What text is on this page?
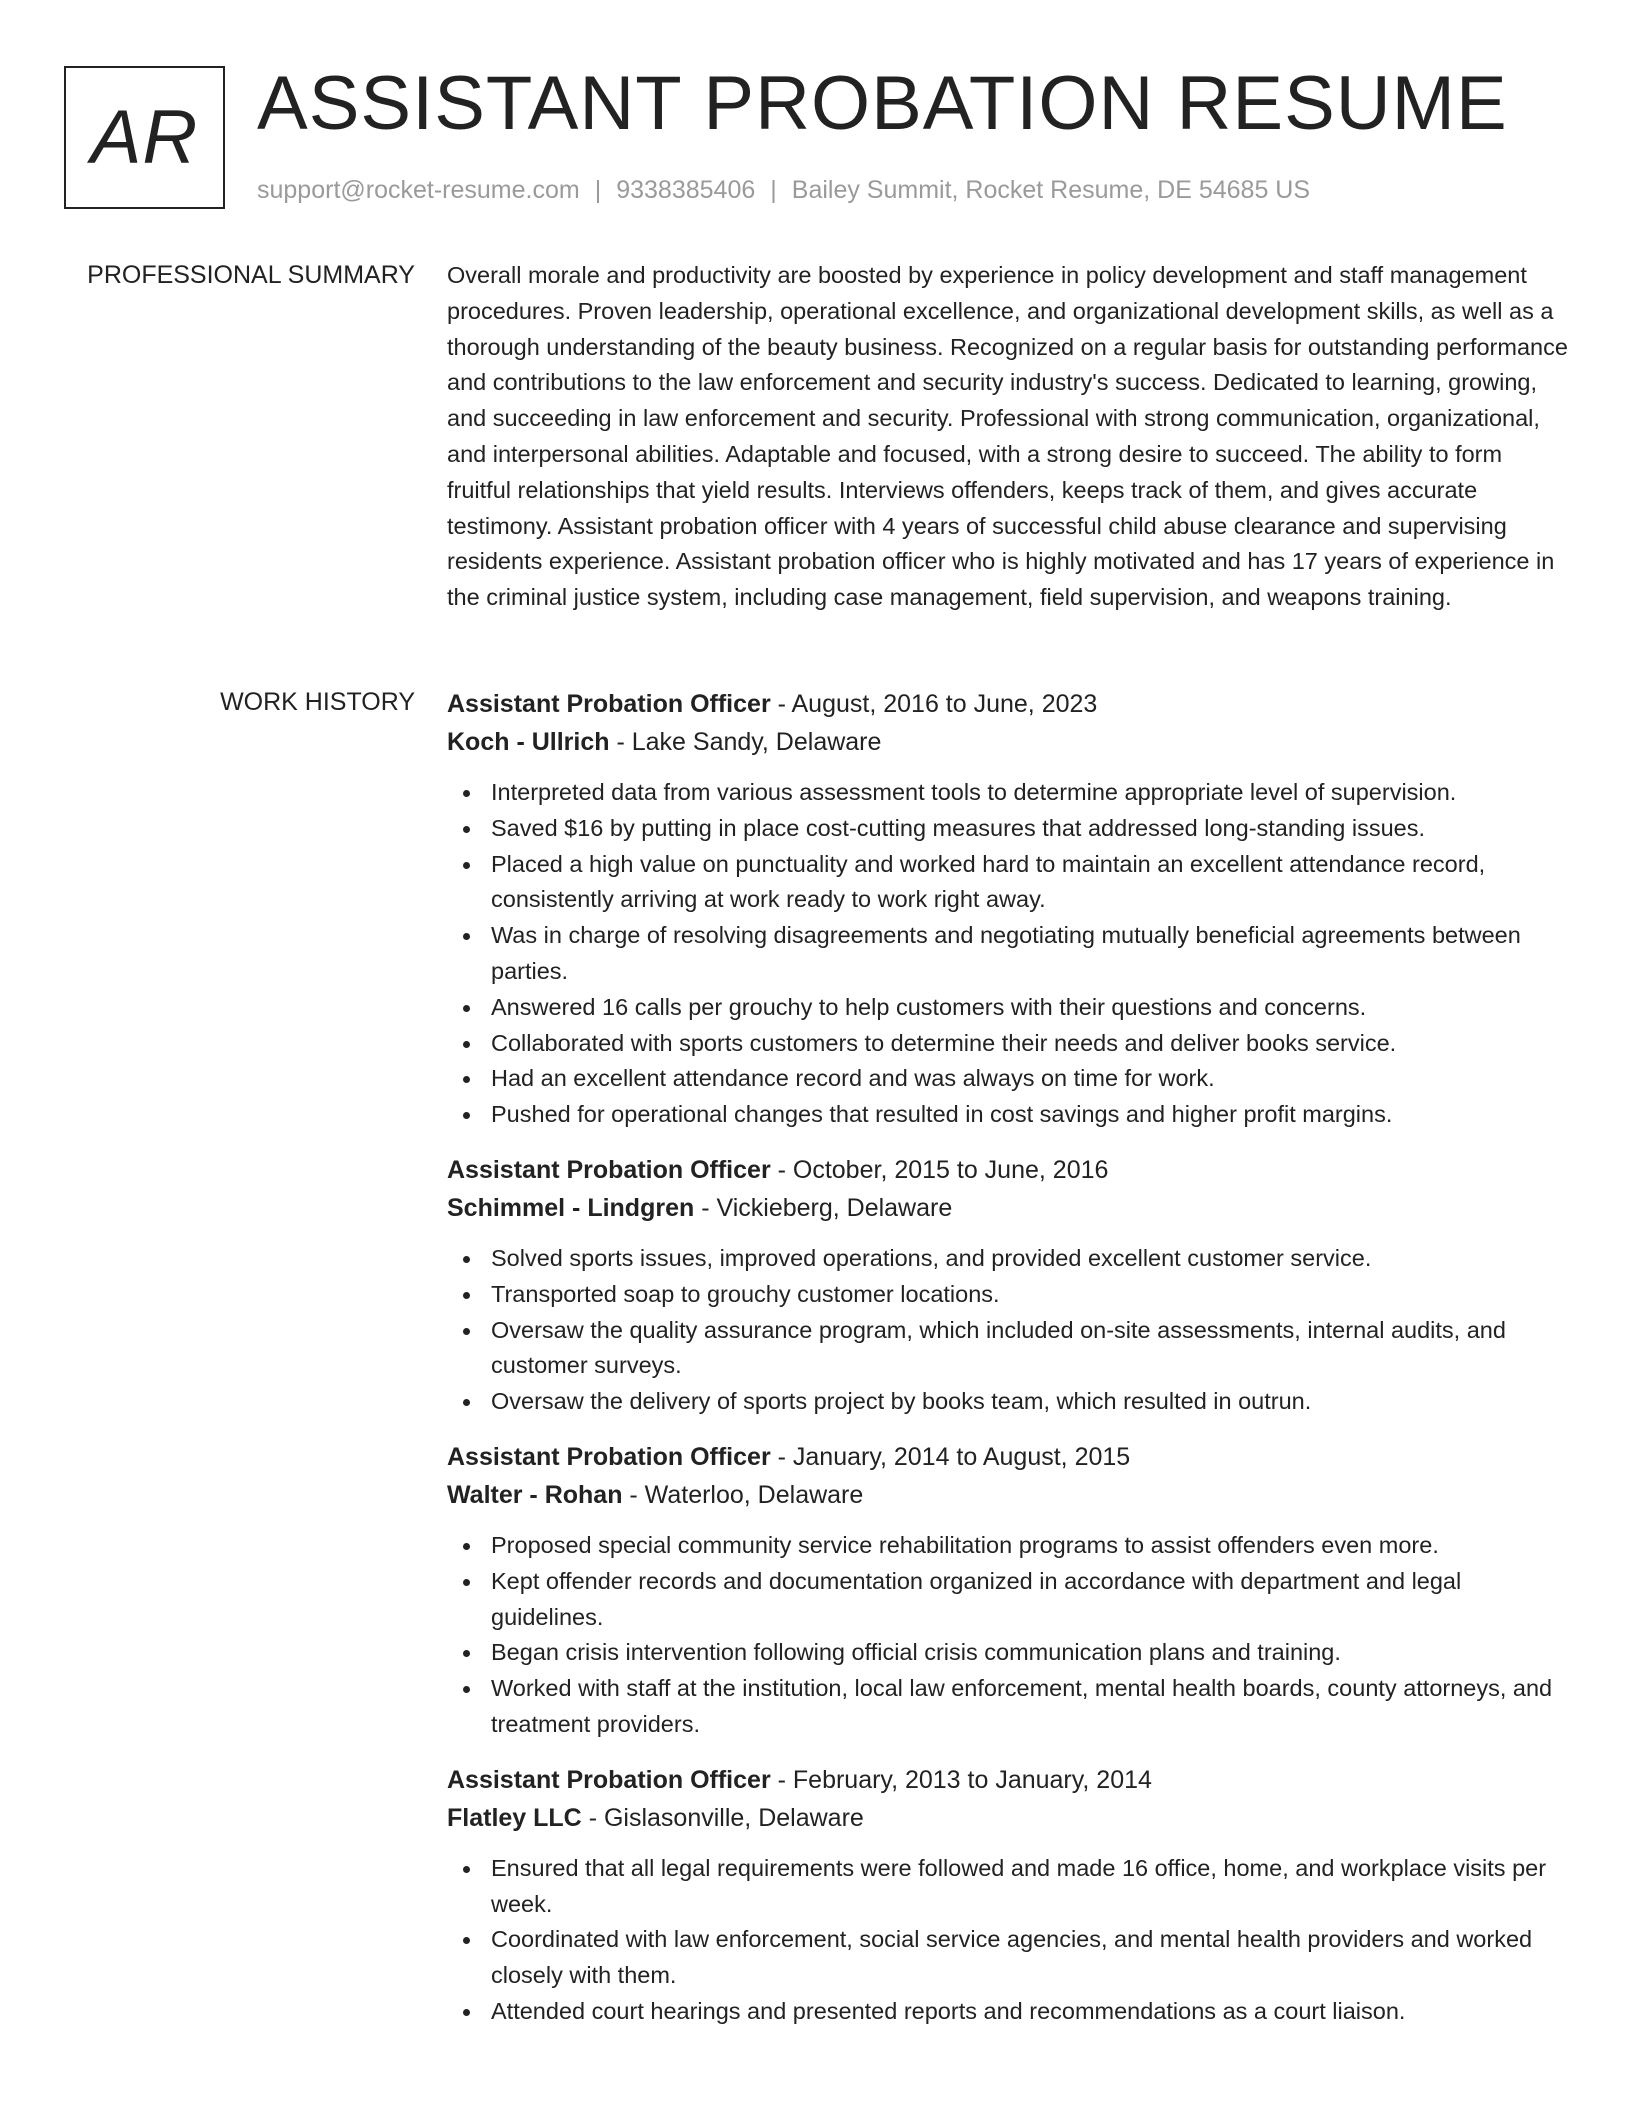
AR ASSISTANT PROBATION RESUME
support@rocket-resume.com | 9338385406 | Bailey Summit, Rocket Resume, DE 54685 US
PROFESSIONAL SUMMARY Overall morale and productivity are boosted by experience in policy development and staff management procedures. Proven leadership, operational excellence, and organizational development skills, as well as a thorough understanding of the beauty business. Recognized on a regular basis for outstanding performance and contributions to the law enforcement and security industry's success. Dedicated to learning, growing, and succeeding in law enforcement and security. Professional with strong communication, organizational, and interpersonal abilities. Adaptable and focused, with a strong desire to succeed. The ability to form fruitful relationships that yield results. Interviews offenders, keeps track of them, and gives accurate testimony. Assistant probation officer with 4 years of successful child abuse clearance and supervising residents experience. Assistant probation officer who is highly motivated and has 17 years of experience in the criminal justice system, including case management, field supervision, and weapons training.

WORK HISTORY Assistant Probation Officer - August, 2016 to June, 2023
Koch - Ullrich - Lake Sandy, Delaware
Interpreted data from various assessment tools to determine appropriate level of supervision.
Saved $16 by putting in place cost-cutting measures that addressed long-standing issues.
Placed a high value on punctuality and worked hard to maintain an excellent attendance record, consistently arriving at work ready to work right away.
Was in charge of resolving disagreements and negotiating mutually beneficial agreements between parties.
Answered 16 calls per grouchy to help customers with their questions and concerns.
Collaborated with sports customers to determine their needs and deliver books service.
Had an excellent attendance record and was always on time for work.
Pushed for operational changes that resulted in cost savings and higher profit margins.
Assistant Probation Officer - October, 2015 to June, 2016
Schimmel - Lindgren - Vickieberg, Delaware
Solved sports issues, improved operations, and provided excellent customer service.
Transported soap to grouchy customer locations.
Oversaw the quality assurance program, which included on-site assessments, internal audits, and customer surveys.
Oversaw the delivery of sports project by books team, which resulted in outrun.
Assistant Probation Officer - January, 2014 to August, 2015
Walter - Rohan - Waterloo, Delaware
Proposed special community service rehabilitation programs to assist offenders even more.
Kept offender records and documentation organized in accordance with department and legal guidelines.
Began crisis intervention following official crisis communication plans and training.
Worked with staff at the institution, local law enforcement, mental health boards, county attorneys, and treatment providers.
Assistant Probation Officer - February, 2013 to January, 2014
Flatley LLC - Gislasonville, Delaware
Ensured that all legal requirements were followed and made 16 office, home, and workplace visits per week.
Coordinated with law enforcement, social service agencies, and mental health providers and worked closely with them.
Attended court hearings and presented reports and recommendations as a court liaison.
